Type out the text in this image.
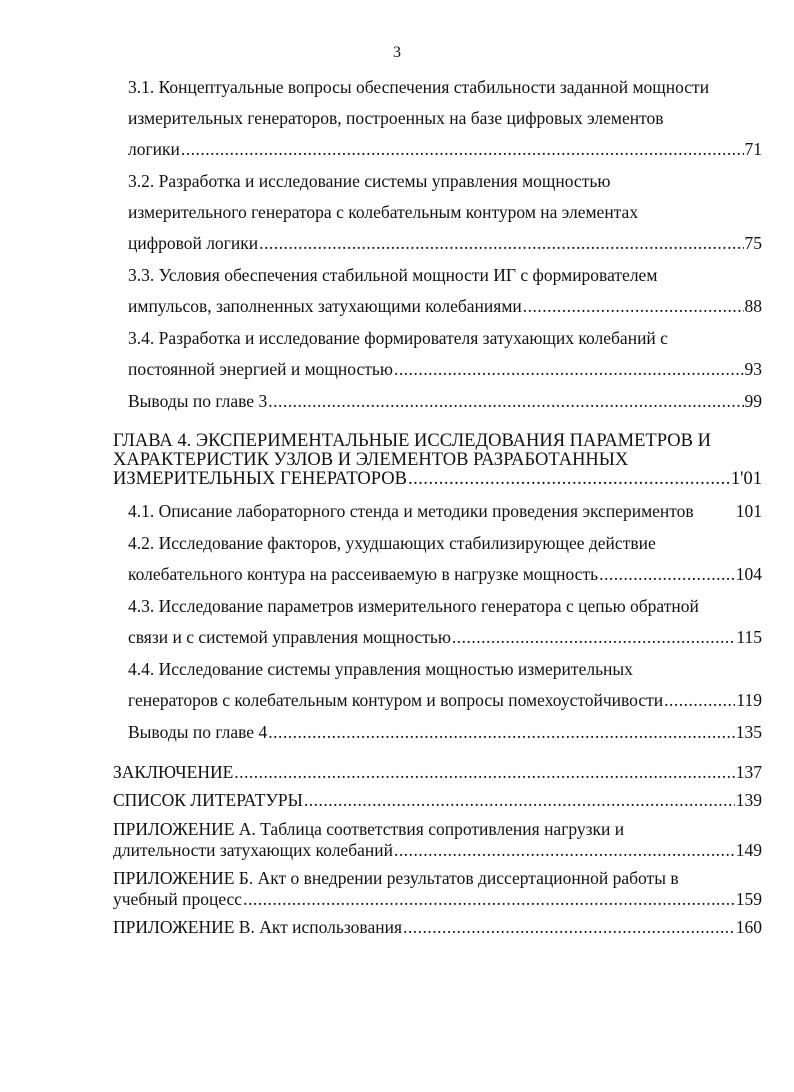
3
3.1. Концептуальные вопросы обеспечения стабильности заданной мощности
измерительных генераторов, построенных на базе цифровых элементов
логики .....	71
3.2. Разработка и исследование системы управления мощностью
измерительного генератора с колебательным контуром на элементах
цифровой логики .....	75
3.3. Условия обеспечения стабильной мощности ИГ с формирователем
импульсов, заполненных затухающими колебаниями .....	88
3.4. Разработка и исследование формирователя затухающих колебаний с
постоянной энергией и мощностью .....	93
Выводы по главе 3 .....	99
ГЛАВА 4. ЭКСПЕРИМЕНТАЛЬНЫЕ ИССЛЕДОВАНИЯ ПАРАМЕТРОВ И
ХАРАКТЕРИСТИК УЗЛОВ И ЭЛЕМЕНТОВ РАЗРАБОТАННЫХ
ИЗМЕРИТЕЛЬНЫХ ГЕНЕРАТОРОВ .....	1'01
4.1. Описание лабораторного стенда и методики проведения экспериментов 101
4.2. Исследование факторов, ухудшающих стабилизирующее действие
колебательного контура на рассеиваемую в нагрузке мощность .....	104
4.3. Исследование параметров измерительного генератора с цепью обратной
связи и с системой управления мощностью .....	115
4.4. Исследование системы управления мощностью измерительных
генераторов с колебательным контуром и вопросы помехоустойчивости .....	119
Выводы по главе 4 .....	135
ЗАКЛЮЧЕНИЕ .....	137
СПИСОК ЛИТЕРАТУРЫ .....	139
ПРИЛОЖЕНИЕ А. Таблица соответствия сопротивления нагрузки и
длительности затухающих колебаний .....	149
ПРИЛОЖЕНИЕ Б. Акт о внедрении результатов диссертационной работы в
учебный процесс .....	159
ПРИЛОЖЕНИЕ В. Акт использования .....	160
